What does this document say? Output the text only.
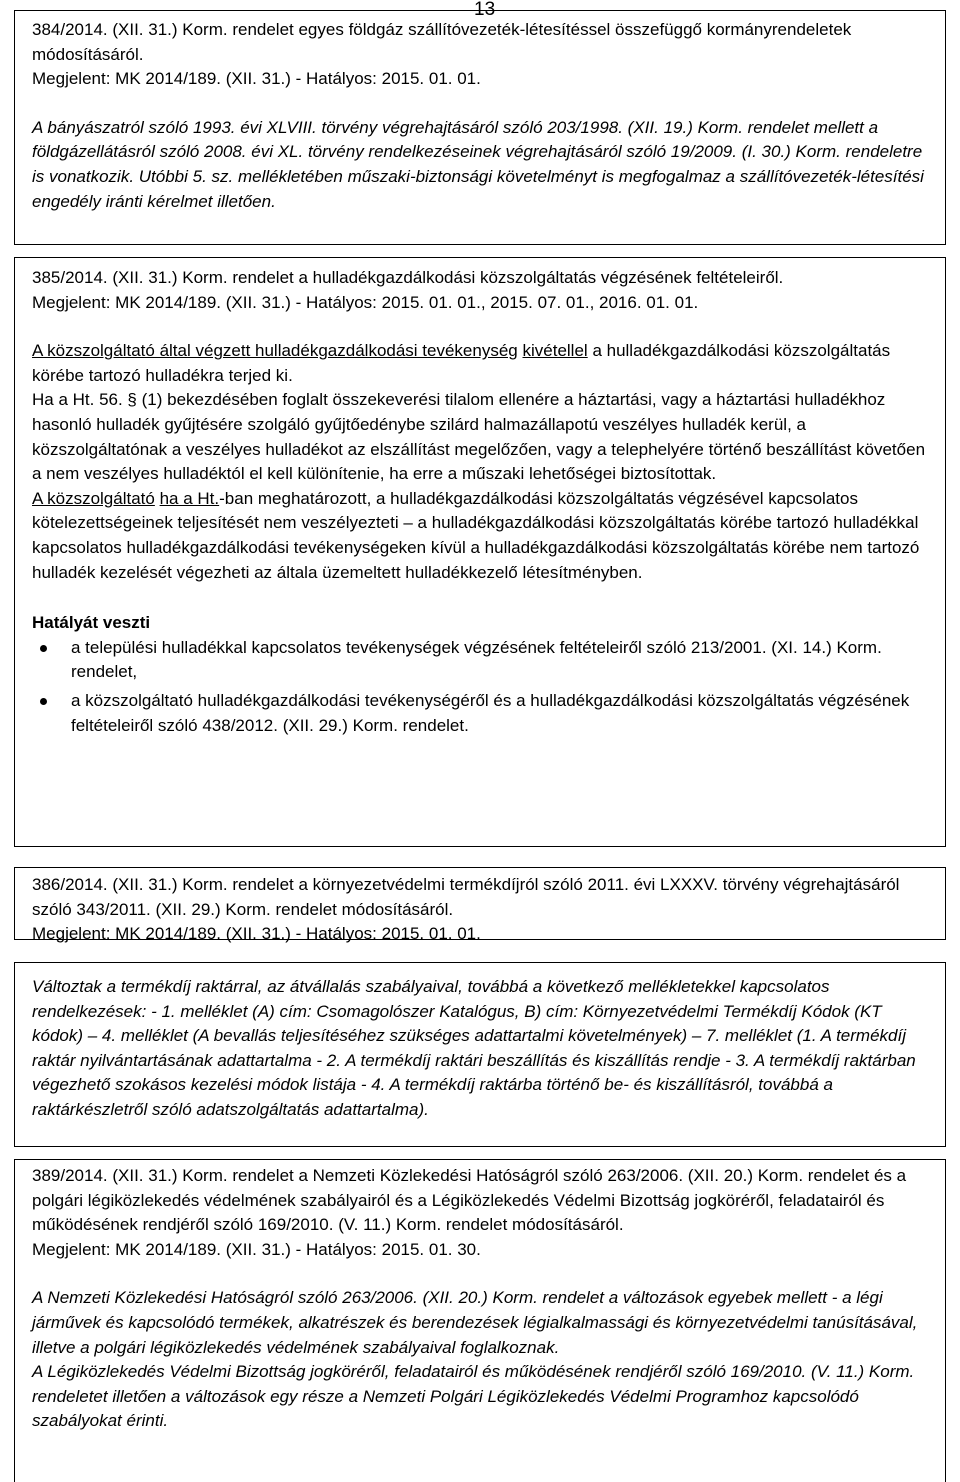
13

384/2014. (XII. 31.) Korm. rendelet egyes földgáz szállítóvezeték-létesítéssel összefüggő kormányrendeletek módosításáról.

Megjelent: MK 2014/189. (XII. 31.) - Hatályos: 2015. 01. 01.

A bányászatról szóló 1993. évi XLVIII. törvény végrehajtásáról szóló 203/1998. (XII. 19.) Korm. rendelet mellett a földgázellátásról szóló 2008. évi XL. törvény rendelkezéseinek végrehajtásáról szóló 19/2009. (I. 30.) Korm. rendeletre is vonatkozik. Utóbbi 5. sz. mellékletében műszaki-biztonsági követelményt is megfogalmaz a szállítóvezeték-létesítési engedély iránti kérelmet illetően.

385/2014. (XII. 31.) Korm. rendelet a hulladékgazdálkodási közszolgáltatás végzésének feltételeiről.

Megjelent: MK 2014/189. (XII. 31.) - Hatályos: 2015. 01. 01., 2015. 07. 01., 2016. 01. 01.

A közszolgáltató által végzett hulladékgazdálkodási tevékenység kivétellel a hulladékgazdálkodási közszolgáltatás körébe tartozó hulladékra terjed ki.

Ha a Ht. 56. § (1) bekezdésében foglalt összekeverési tilalom ellenére a háztartási, vagy a háztartási hulladékhoz hasonló hulladék gyűjtésére szolgáló gyűjtőedénybe szilárd halmazállapotú veszélyes hulladék kerül, a közszolgáltatónak a veszélyes hulladékot az elszállítást megelőzően, vagy a telephelyére történő beszállítást követően a nem veszélyes hulladéktól el kell különítenie, ha erre a műszaki lehetőségei biztosítottak.

A közszolgáltató ha a Ht.-ban meghatározott, a hulladékgazdálkodási közszolgáltatás végzésével kapcsolatos kötelezettségeinek teljesítését nem veszélyezteti – a hulladékgazdálkodási közszolgáltatás körébe tartozó hulladékkal kapcsolatos hulladékgazdálkodási tevékenységeken kívül a hulladékgazdálkodási közszolgáltatás körébe nem tartozó hulladék kezelését végezheti az általa üzemeltett hulladékkezelő létesítményben.

Hatályát veszti

a települési hulladékkal kapcsolatos tevékenységek végzésének feltételeiről szóló 213/2001. (XI. 14.) Korm. rendelet,
a közszolgáltató hulladékgazdálkodási tevékenységéről és a hulladékgazdálkodási közszolgáltatás végzésének feltételeiről szóló 438/2012. (XII. 29.) Korm. rendelet.

386/2014. (XII. 31.) Korm. rendelet a környezetvédelmi termékdíjról szóló 2011. évi LXXXV. törvény végrehajtásáról szóló 343/2011. (XII. 29.) Korm. rendelet módosításáról.

Megjelent: MK 2014/189. (XII. 31.) - Hatályos: 2015. 01. 01.

Változtak a termékdíj raktárral, az átvállalás szabályaival, továbbá a következő mellékletekkel kapcsolatos rendelkezések: - 1. melléklet (A) cím: Csomagolószer Katalógus, B) cím: Környezetvédelmi Termékdíj Kódok (KT kódok) – 4. melléklet (A bevallás teljesítéséhez szükséges adattartalmi követelmények) – 7. melléklet (1. A termékdíj raktár nyilvántartásának adattartalma - 2. A termékdíj raktári beszállítás és kiszállítás rendje - 3. A termékdíj raktárban végezhető szokásos kezelési módok listája - 4. A termékdíj raktárba történő be- és kiszállításról, továbbá a raktárkészletről szóló adatszolgáltatás adattartalma).

389/2014. (XII. 31.) Korm. rendelet a Nemzeti Közlekedési Hatóságról szóló 263/2006. (XII. 20.) Korm. rendelet és a polgári légiközlekedés védelmének szabályairól és a Légiközlekedés Védelmi Bizottság jogköréről, feladatairól és működésének rendjéről szóló 169/2010. (V. 11.) Korm. rendelet módosításáról.

Megjelent: MK 2014/189. (XII. 31.) - Hatályos: 2015. 01. 30.

A Nemzeti Közlekedési Hatóságról szóló 263/2006. (XII. 20.) Korm. rendelet a változások egyebek mellett - a légi járművek és kapcsolódó termékek, alkatrészek és berendezések légialkalmassági és környezetvédelmi tanúsításával, illetve a polgári légiközlekedés védelmének szabályaival foglalkoznak.

A Légiközlekedés Védelmi Bizottság jogköréről, feladatairól és működésének rendjéről szóló 169/2010. (V. 11.) Korm. rendeletet illetően a változások egy része a Nemzeti Polgári Légiközlekedés Védelmi Programhoz kapcsolódó szabályokat érinti.
